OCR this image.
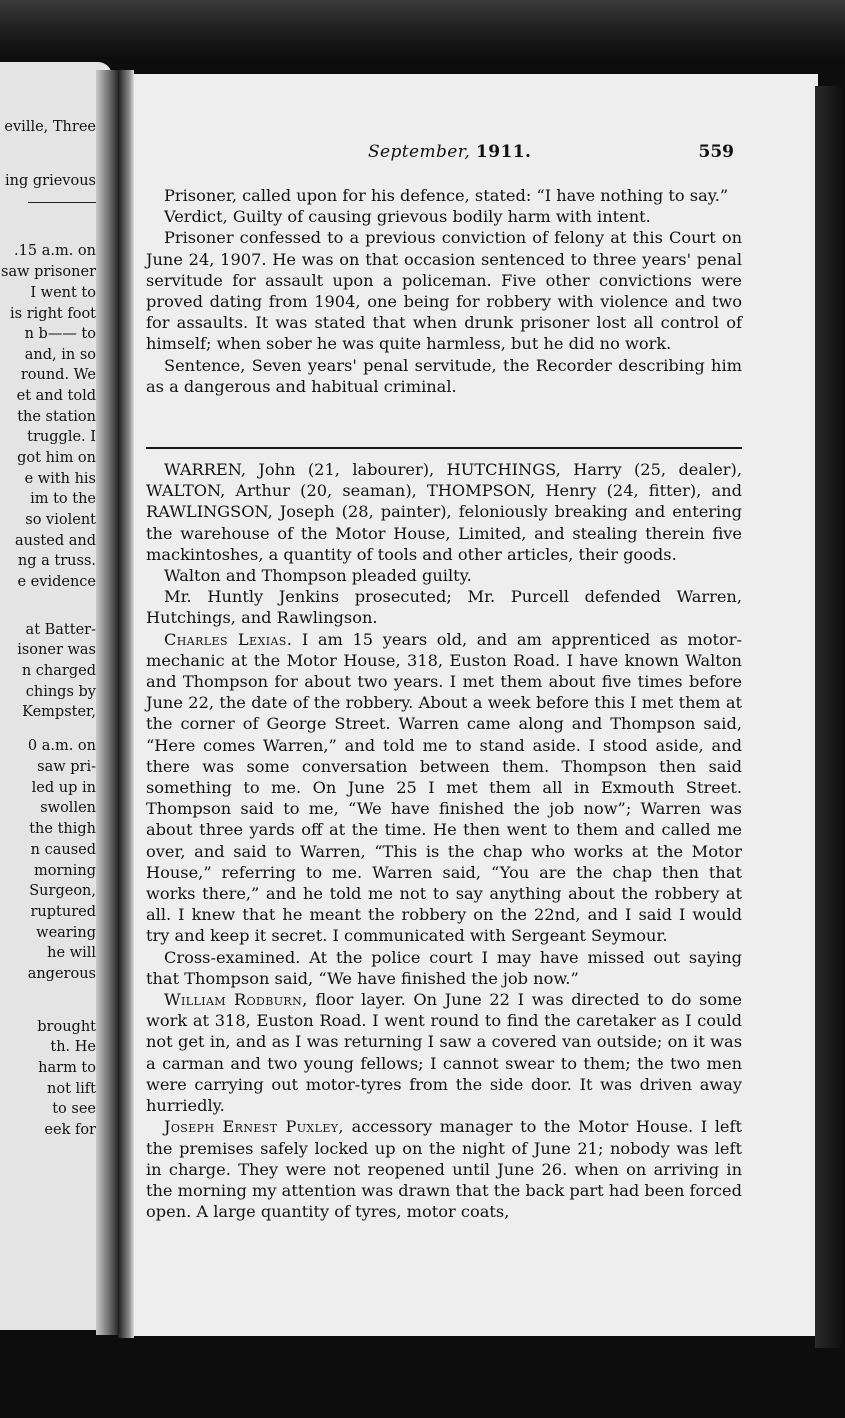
eville, Three
ing grievous
.15 a.m. on
saw prisoner
I went to
is right foot
n b—— to
and, in so
round. We
et and told
the station
truggle. I
got him on
e with his
im to the
so violent
austed and
ng a truss.
e evidence
at Batter-
isoner was
n charged
chings by
Kempster,
0 a.m. on
saw pri-
led up in
swollen
the thigh
n caused
morning
Surgeon,
ruptured
wearing
he will
angerous
brought
th. He
harm to
not lift
to see
eek for
September, 1911.	559

Prisoner, called upon for his defence, stated: “I have nothing to say.”

Verdict, Guilty of causing grievous bodily harm with intent.

Prisoner confessed to a previous conviction of felony at this Court on June 24, 1907. He was on that occasion sentenced to three years' penal servitude for assault upon a policeman. Five other convictions were proved dating from 1904, one being for robbery with violence and two for assaults. It was stated that when drunk prisoner lost all control of himself; when sober he was quite harmless, but he did no work.

Sentence, Seven years' penal servitude, the Recorder describing him as a dangerous and habitual criminal.

WARREN, John (21, labourer), HUTCHINGS, Harry (25, dealer), WALTON, Arthur (20, seaman), THOMPSON, Henry (24, fitter), and RAWLINGSON, Joseph (28, painter), feloniously breaking and entering the warehouse of the Motor House, Limited, and stealing therein five mackintoshes, a quantity of tools and other articles, their goods.

Walton and Thompson pleaded guilty.

Mr. Huntly Jenkins prosecuted; Mr. Purcell defended Warren, Hutchings, and Rawlingson.

Charles Lexias. I am 15 years old, and am apprenticed as motor-mechanic at the Motor House, 318, Euston Road. I have known Walton and Thompson for about two years. I met them about five times before June 22, the date of the robbery. About a week before this I met them at the corner of George Street. Warren came along and Thompson said, “Here comes Warren,” and told me to stand aside. I stood aside, and there was some conversation between them. Thompson then said something to me. On June 25 I met them all in Exmouth Street. Thompson said to me, “We have finished the job now”; Warren was about three yards off at the time. He then went to them and called me over, and said to Warren, “This is the chap who works at the Motor House,” referring to me. Warren said, “You are the chap then that works there,” and he told me not to say anything about the robbery at all. I knew that he meant the robbery on the 22nd, and I said I would try and keep it secret. I communicated with Sergeant Seymour.

Cross-examined. At the police court I may have missed out saying that Thompson said, “We have finished the job now.”

William Rodburn, floor layer. On June 22 I was directed to do some work at 318, Euston Road. I went round to find the caretaker as I could not get in, and as I was returning I saw a covered van outside; on it was a carman and two young fellows; I cannot swear to them; the two men were carrying out motor-tyres from the side door. It was driven away hurriedly.

Joseph Ernest Puxley, accessory manager to the Motor House. I left the premises safely locked up on the night of June 21; nobody was left in charge. They were not reopened until June 26. when on arriving in the morning my attention was drawn that the back part had been forced open. A large quantity of tyres, motor coats,
